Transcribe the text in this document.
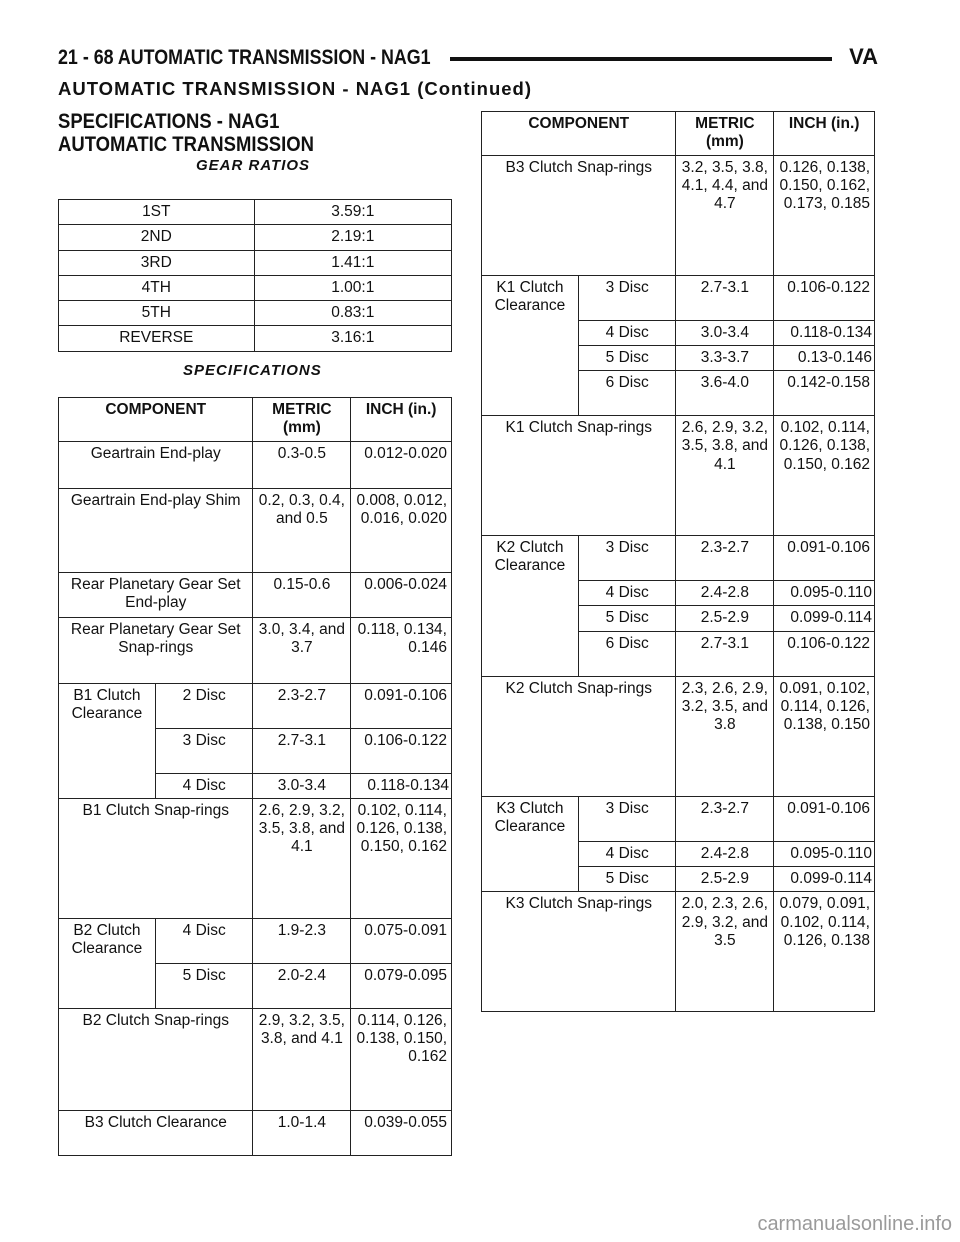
21 - 68 AUTOMATIC TRANSMISSION - NAG1	VA
AUTOMATIC TRANSMISSION - NAG1 (Continued)
SPECIFICATIONS - NAG1 AUTOMATIC TRANSMISSION
GEAR RATIOS
1ST	3.59:1
2ND	2.19:1
3RD	1.41:1
4TH	1.00:1
5TH	0.83:1
REVERSE	3.16:1
SPECIFICATIONS
COMPONENT		METRIC (mm)	INCH (in.)
Geartrain End-play		0.3-0.5	0.012-0.020
Geartrain End-play Shim		0.2, 0.3, 0.4, and 0.5	0.008, 0.012, 0.016, 0.020
Rear Planetary Gear Set End-play		0.15-0.6	0.006-0.024
Rear Planetary Gear Set Snap-rings		3.0, 3.4, and 3.7	0.118, 0.134, 0.146
B1 Clutch Clearance	2 Disc	2.3-2.7	0.091-0.106
	3 Disc	2.7-3.1	0.106-0.122
	4 Disc	3.0-3.4	0.118-0.134
B1 Clutch Snap-rings		2.6, 2.9, 3.2, 3.5, 3.8, and 4.1	0.102, 0.114, 0.126, 0.138, 0.150, 0.162
B2 Clutch Clearance	4 Disc	1.9-2.3	0.075-0.091
	5 Disc	2.0-2.4	0.079-0.095
B2 Clutch Snap-rings		2.9, 3.2, 3.5, 3.8, and 4.1	0.114, 0.126, 0.138, 0.150, 0.162
B3 Clutch Clearance		1.0-1.4	0.039-0.055
COMPONENT		METRIC (mm)	INCH (in.)
B3 Clutch Snap-rings		3.2, 3.5, 3.8, 4.1, 4.4, and 4.7	0.126, 0.138, 0.150, 0.162, 0.173, 0.185
K1 Clutch Clearance	3 Disc	2.7-3.1	0.106-0.122
	4 Disc	3.0-3.4	0.118-0.134
	5 Disc	3.3-3.7	0.13-0.146
	6 Disc	3.6-4.0	0.142-0.158
K1 Clutch Snap-rings		2.6, 2.9, 3.2, 3.5, 3.8, and 4.1	0.102, 0.114, 0.126, 0.138, 0.150, 0.162
K2 Clutch Clearance	3 Disc	2.3-2.7	0.091-0.106
	4 Disc	2.4-2.8	0.095-0.110
	5 Disc	2.5-2.9	0.099-0.114
	6 Disc	2.7-3.1	0.106-0.122
K2 Clutch Snap-rings		2.3, 2.6, 2.9, 3.2, 3.5, and 3.8	0.091, 0.102, 0.114, 0.126, 0.138, 0.150
K3 Clutch Clearance	3 Disc	2.3-2.7	0.091-0.106
	4 Disc	2.4-2.8	0.095-0.110
	5 Disc	2.5-2.9	0.099-0.114
K3 Clutch Snap-rings		2.0, 2.3, 2.6, 2.9, 3.2, and 3.5	0.079, 0.091, 0.102, 0.114, 0.126, 0.138
carmanualsonline.info
